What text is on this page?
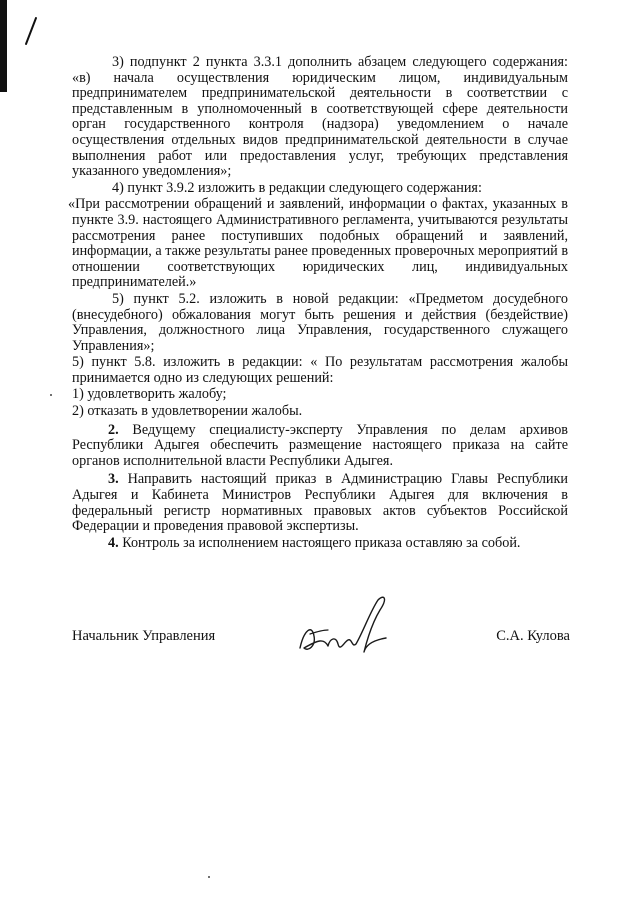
3) подпункт 2 пункта 3.3.1 дополнить абзацем следующего содержания: «в) начала осуществления юридическим лицом, индивидуальным предпринимателем предпринимательской деятельности в соответствии с представленным в уполномоченный в соответствующей сфере деятельности орган государственного контроля (надзора) уведомлением о начале осуществления отдельных видов предпринимательской деятельности в случае выполнения работ или предоставления услуг, требующих представления указанного уведомления»;

4) пункт 3.9.2 изложить в редакции следующего содержания:

«При рассмотрении обращений и заявлений, информации о фактах, указанных в пункте 3.9. настоящего Административного регламента, учитываются результаты рассмотрения ранее поступивших подобных обращений и заявлений, информации, а также результаты ранее проведенных проверочных мероприятий в отношении соответствующих юридических лиц, индивидуальных предпринимателей.»

5) пункт 5.2. изложить в новой редакции: «Предметом досудебного (внесудебного) обжалования могут быть решения и действия (бездействие) Управления, должностного лица Управления, государственного служащего Управления»;

5) пункт 5.8. изложить в редакции: « По результатам рассмотрения жалобы принимается одно из следующих решений:

1) удовлетворить жалобу;

2) отказать в удовлетворении жалобы.

2. Ведущему специалисту-эксперту Управления по делам архивов Республики Адыгея обеспечить размещение настоящего приказа на сайте органов исполнительной власти Республики Адыгея.

3. Направить настоящий приказ в Администрацию Главы Республики Адыгея и Кабинета Министров Республики Адыгея для включения в федеральный регистр нормативных правовых актов субъектов Российской Федерации и проведения правовой экспертизы.

4. Контроль за исполнением настоящего приказа оставляю за собой.

Начальник Управления	С.А. Кулова
